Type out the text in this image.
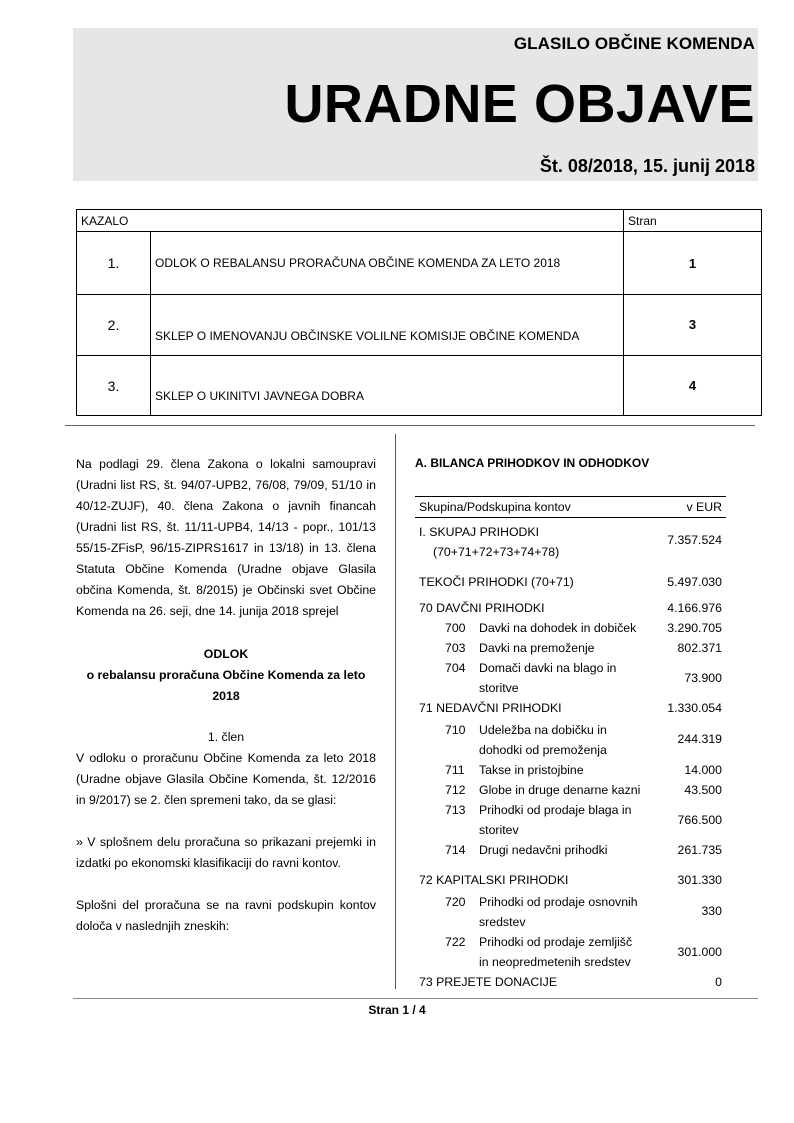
GLASILO OBČINE KOMENDA
URADNE OBJAVE
Št. 08/2018, 15. junij 2018
KAZALO		Stran
1.	ODLOK O REBALANSU PRORAČUNA OBČINE KOMENDA ZA LETO 2018	1
2.	SKLEP O IMENOVANJU OBČINSKE VOLILNE KOMISIJE OBČINE KOMENDA	3
3.	SKLEP O UKINITVI JAVNEGA DOBRA	4

Na podlagi 29. člena Zakona o lokalni samoupravi (Uradni list RS, št. 94/07-UPB2, 76/08, 79/09, 51/10 in 40/12-ZUJF), 40. člena Zakona o javnih financah (Uradni list RS, št. 11/11-UPB4, 14/13 - popr., 101/13 55/15-ZFisP, 96/15-ZIPRS1617 in 13/18) in 13. člena Statuta Občine Komenda (Uradne objave Glasila občina Komenda, št. 8/2015) je Občinski svet Občine Komenda na 26. seji, dne 14. junija 2018 sprejel

ODLOK

o rebalansu proračuna Občine Komenda za leto 2018

1. člen

V odloku o proračunu Občine Komenda za leto 2018 (Uradne objave Glasila Občine Komenda, št. 12/2016 in 9/2017) se 2. člen spremeni tako, da se glasi:

» V splošnem delu proračuna so prikazani prejemki in izdatki po ekonomski klasifikaciji do ravni kontov.

Splošni del proračuna se na ravni podskupin kontov določa v naslednjih zneskih:

A. BILANCA PRIHODKOV IN ODHODKOV

Skupina/Podskupina kontov	v EUR
I. SKUPAJ PRIHODKI
(70+71+72+73+74+78)	7.357.524
TEKOČI PRIHODKI (70+71)	5.497.030
70 DAVČNI PRIHODKI	4.166.976
700 Davki na dohodek in dobiček	3.290.705
703 Davki na premoženje	802.371
704 Domači davki na blago in
storitve	73.900
71 NEDAVČNI PRIHODKI	1.330.054
710 Udeležba na dobičku in
dohodki od premoženja	244.319
711 Takse in pristojbine	14.000
712 Globe in druge denarne kazni	43.500
713 Prihodki od prodaje blaga in
storitev	766.500
714 Drugi nedavčni prihodki	261.735
72 KAPITALSKI PRIHODKI	301.330
720 Prihodki od prodaje osnovnih
sredstev	330
722 Prihodki od prodaje zemljišč
in neopredmetenih sredstev	301.000
73 PREJETE DONACIJE	0
Stran 1 / 4
